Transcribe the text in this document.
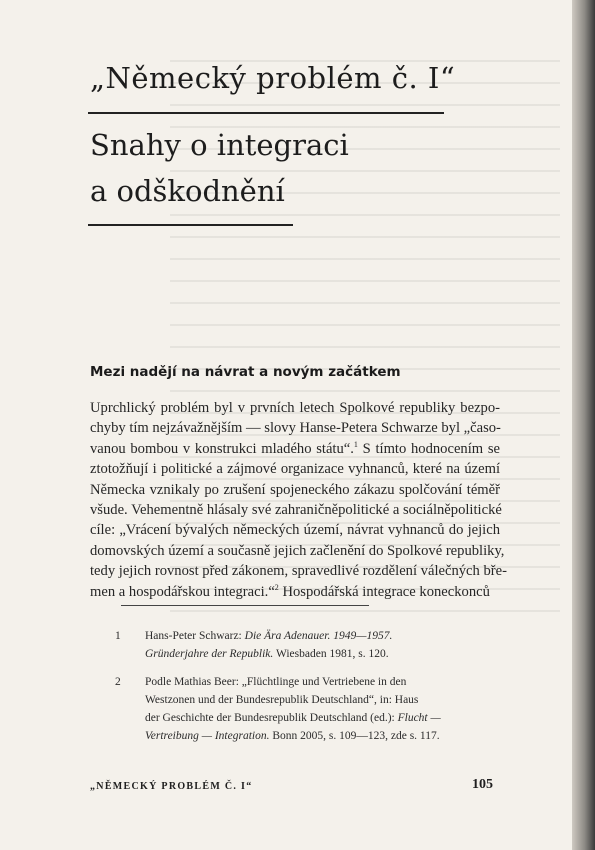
„Německý problém č. I“
Snahy o integraci
a odškodnění
Mezi nadějí na návrat a novým začátkem
Uprchlický problém byl v prvních letech Spolkové republiky bezpo-
chyby tím nejzávažnějším — slovy Hanse-Petera Schwarze byl „časo-
vanou bombou v konstrukci mladého státu“.$^1$ S tímto hodnocením se
ztotožňují i politické a zájmové organizace vyhnanců, které na území
Německa vznikaly po zrušení spojeneckého zákazu spolčování téměř
všude. Vehementně hlásaly své zahraničněpolitické a sociálněpolitické
cíle: „Vrácení bývalých německých území, návrat vyhnanců do jejich
domovských území a současně jejich začlenění do Spolkové republiky,
tedy jejich rovnost před zákonem, spravedlivé rozdělení válečných bře-
men a hospodářskou integraci.“$^2$ Hospodářská integrace koneckonců
1 Hans-Peter Schwarz: Die Ära Adenauer. 1949—1957.
Gründerjahre der Republik. Wiesbaden 1981, s. 120.
2 Podle Mathias Beer: „Flüchtlinge und Vertriebene in den
Westzonen und der Bundesrepublik Deutschland“, in: Haus
der Geschichte der Bundesrepublik Deutschland (ed.): Flucht —
Vertreibung — Integration. Bonn 2005, s. 109—123, zde s. 117.
„NĚMECKÝ PROBLÉM Č. I“	105
